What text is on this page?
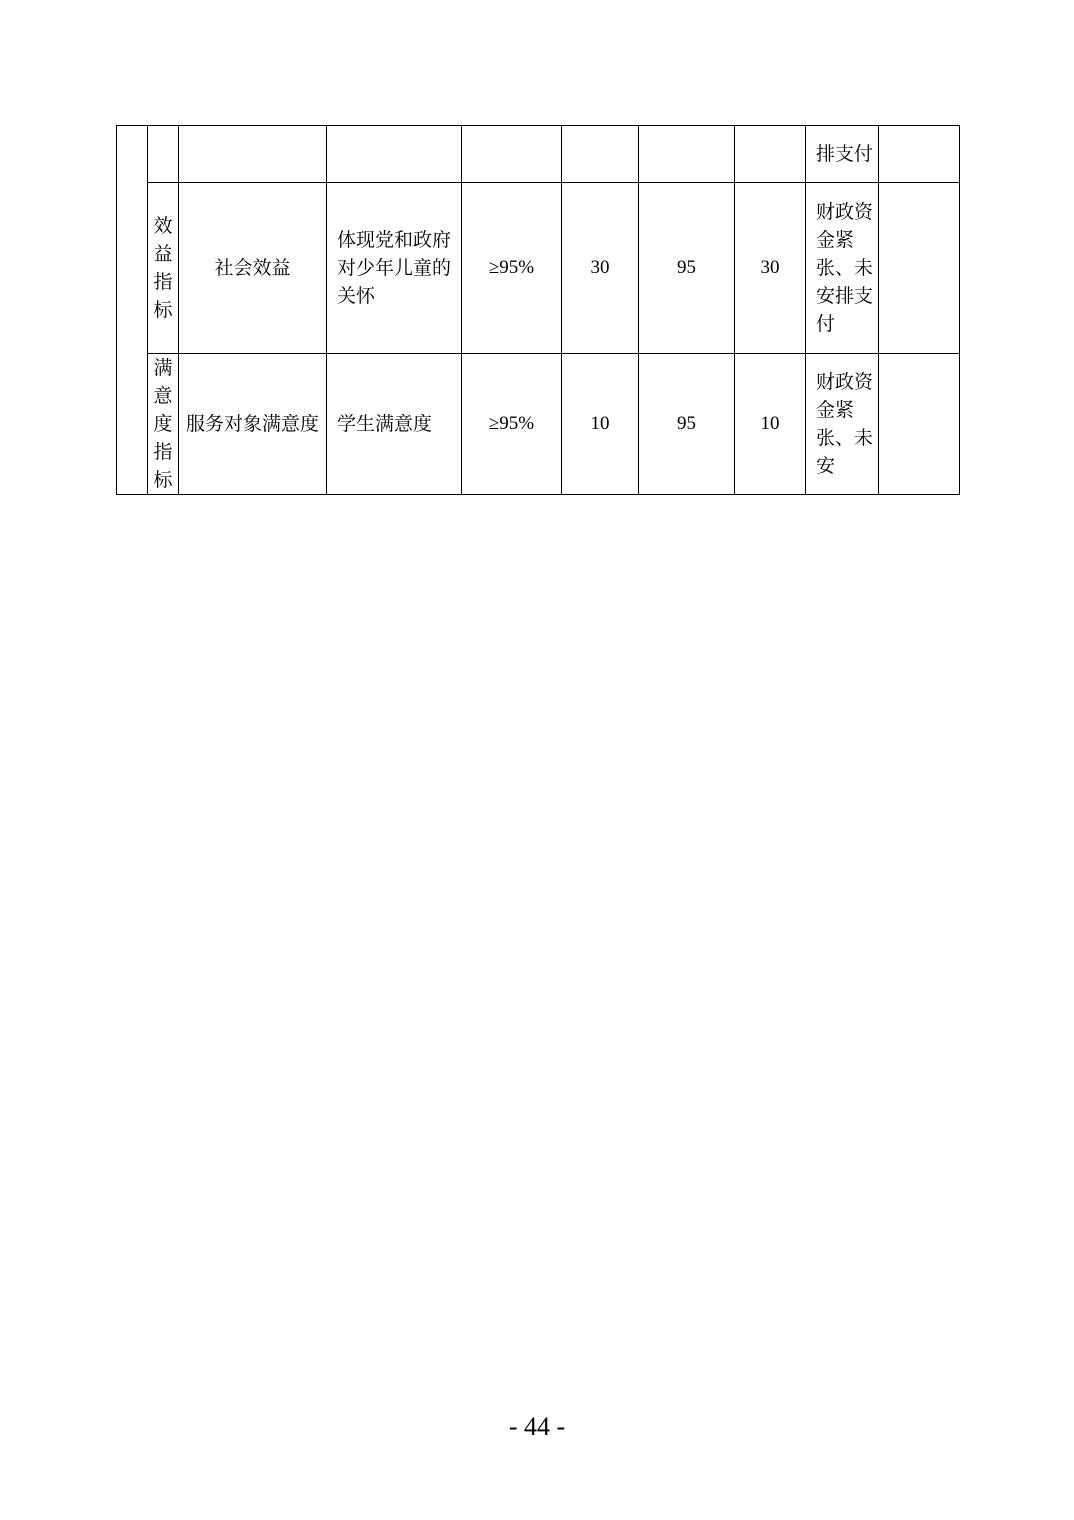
								排支付	

	效益指标	社会效益	体现党和政府对少年儿童的关怀	≥95%	30	95	30	财政资金紧张、未安排支付	

	满意度指标	服务对象满意度	学生满意度	≥95%	10	95	10	财政资金紧张、未安	

- 44 -
